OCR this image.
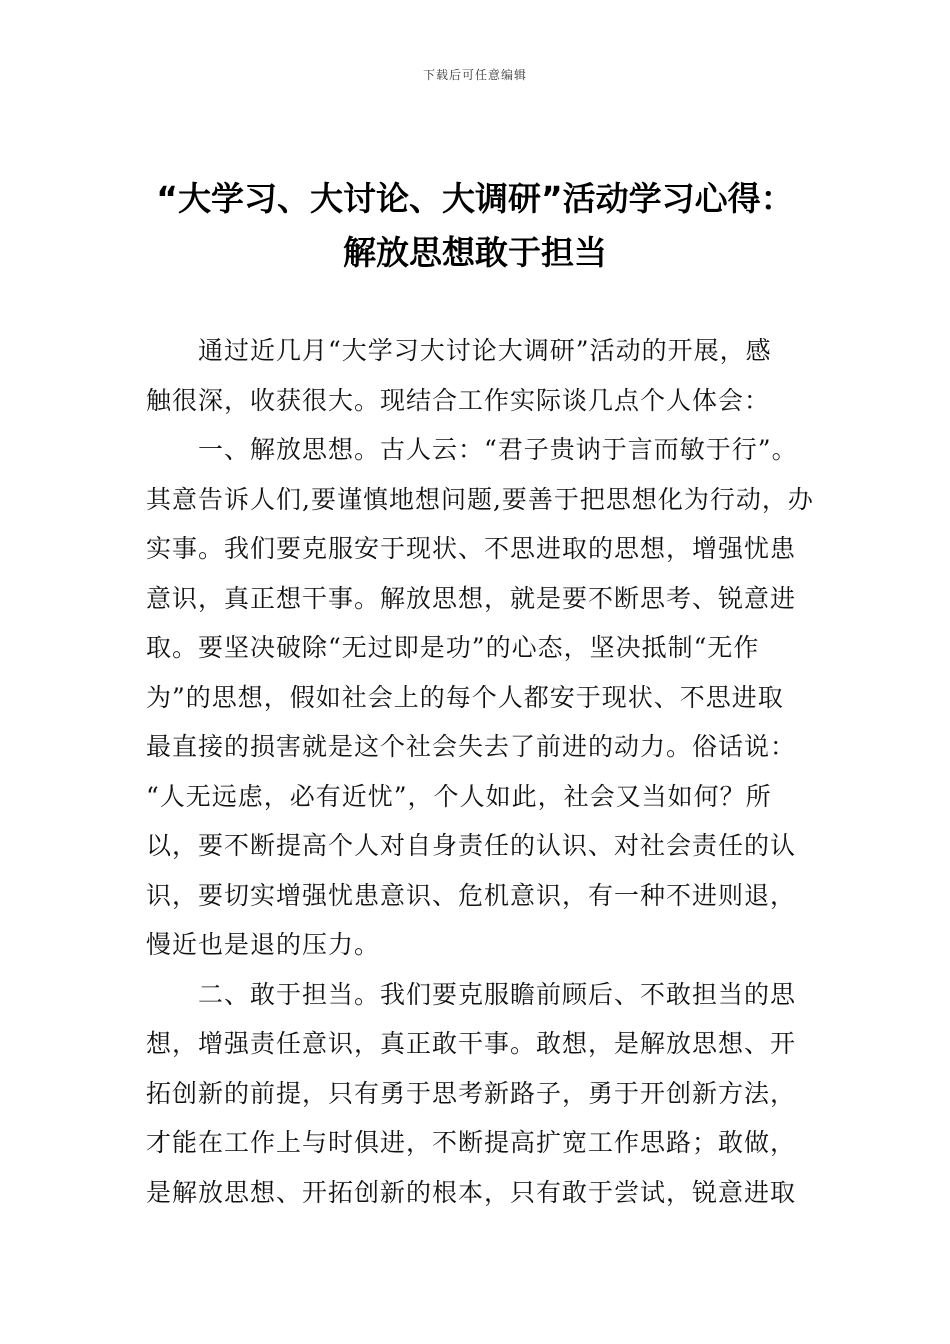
下载后可任意编辑
“大学习、大讨论、大调研”活动学习心得：
解放思想敢于担当

通过近几月“大学习大讨论大调研”活动的开展，感
触很深，收获很大。现结合工作实际谈几点个人体会：

一、解放思想。古人云：“君子贵讷于言而敏于行”。
其意告诉人们,要谨慎地想问题,要善于把思想化为行动，办
实事。我们要克服安于现状、不思进取的思想，增强忧患
意识，真正想干事。解放思想，就是要不断思考、锐意进
取。要坚决破除“无过即是功”的心态，坚决抵制“无作
为”的思想，假如社会上的每个人都安于现状、不思进取
最直接的损害就是这个社会失去了前进的动力。俗话说：
“人无远虑，必有近忧”，个人如此，社会又当如何？所
以，要不断提高个人对自身责任的认识、对社会责任的认
识，要切实增强忧患意识、危机意识，有一种不进则退，
慢近也是退的压力。

二、敢于担当。我们要克服瞻前顾后、不敢担当的思
想，增强责任意识，真正敢干事。敢想，是解放思想、开
拓创新的前提，只有勇于思考新路子，勇于开创新方法，
才能在工作上与时俱进，不断提高扩宽工作思路；敢做，
是解放思想、开拓创新的根本，只有敢于尝试，锐意进取
